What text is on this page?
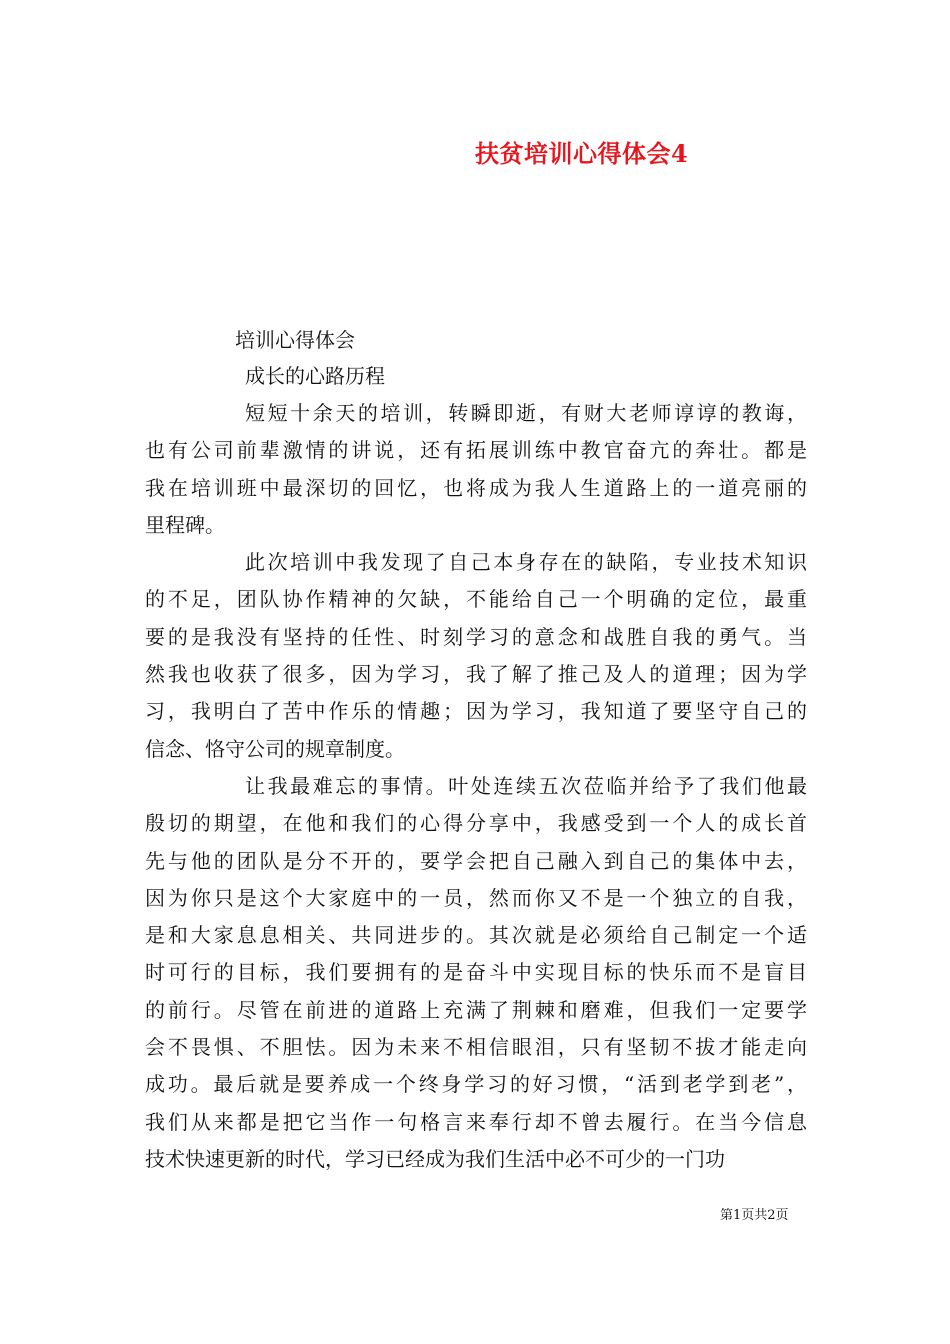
扶贫培训心得体会4
培训心得体会
成长的心路历程
短短十余天的培训，转瞬即逝，有财大老师谆谆的教诲，
也有公司前辈激情的讲说，还有拓展训练中教官奋亢的奔壮。都是
我在培训班中最深切的回忆，也将成为我人生道路上的一道亮丽的
里程碑。
此次培训中我发现了自己本身存在的缺陷，专业技术知识
的不足，团队协作精神的欠缺，不能给自己一个明确的定位，最重
要的是我没有坚持的任性、时刻学习的意念和战胜自我的勇气。当
然我也收获了很多，因为学习，我了解了推己及人的道理；因为学
习，我明白了苦中作乐的情趣；因为学习，我知道了要坚守自己的
信念、恪守公司的规章制度。
让我最难忘的事情。叶处连续五次莅临并给予了我们他最
殷切的期望，在他和我们的心得分享中，我感受到一个人的成长首
先与他的团队是分不开的，要学会把自己融入到自己的集体中去，
因为你只是这个大家庭中的一员，然而你又不是一个独立的自我，
是和大家息息相关、共同进步的。其次就是必须给自己制定一个适
时可行的目标，我们要拥有的是奋斗中实现目标的快乐而不是盲目
的前行。尽管在前进的道路上充满了荆棘和磨难，但我们一定要学
会不畏惧、不胆怯。因为未来不相信眼泪，只有坚韧不拔才能走向
成功。最后就是要养成一个终身学习的好习惯，“活到老学到老”，
我们从来都是把它当作一句格言来奉行却不曾去履行。在当今信息
技术快速更新的时代，学习已经成为我们生活中必不可少的一门功
第1页共2页
